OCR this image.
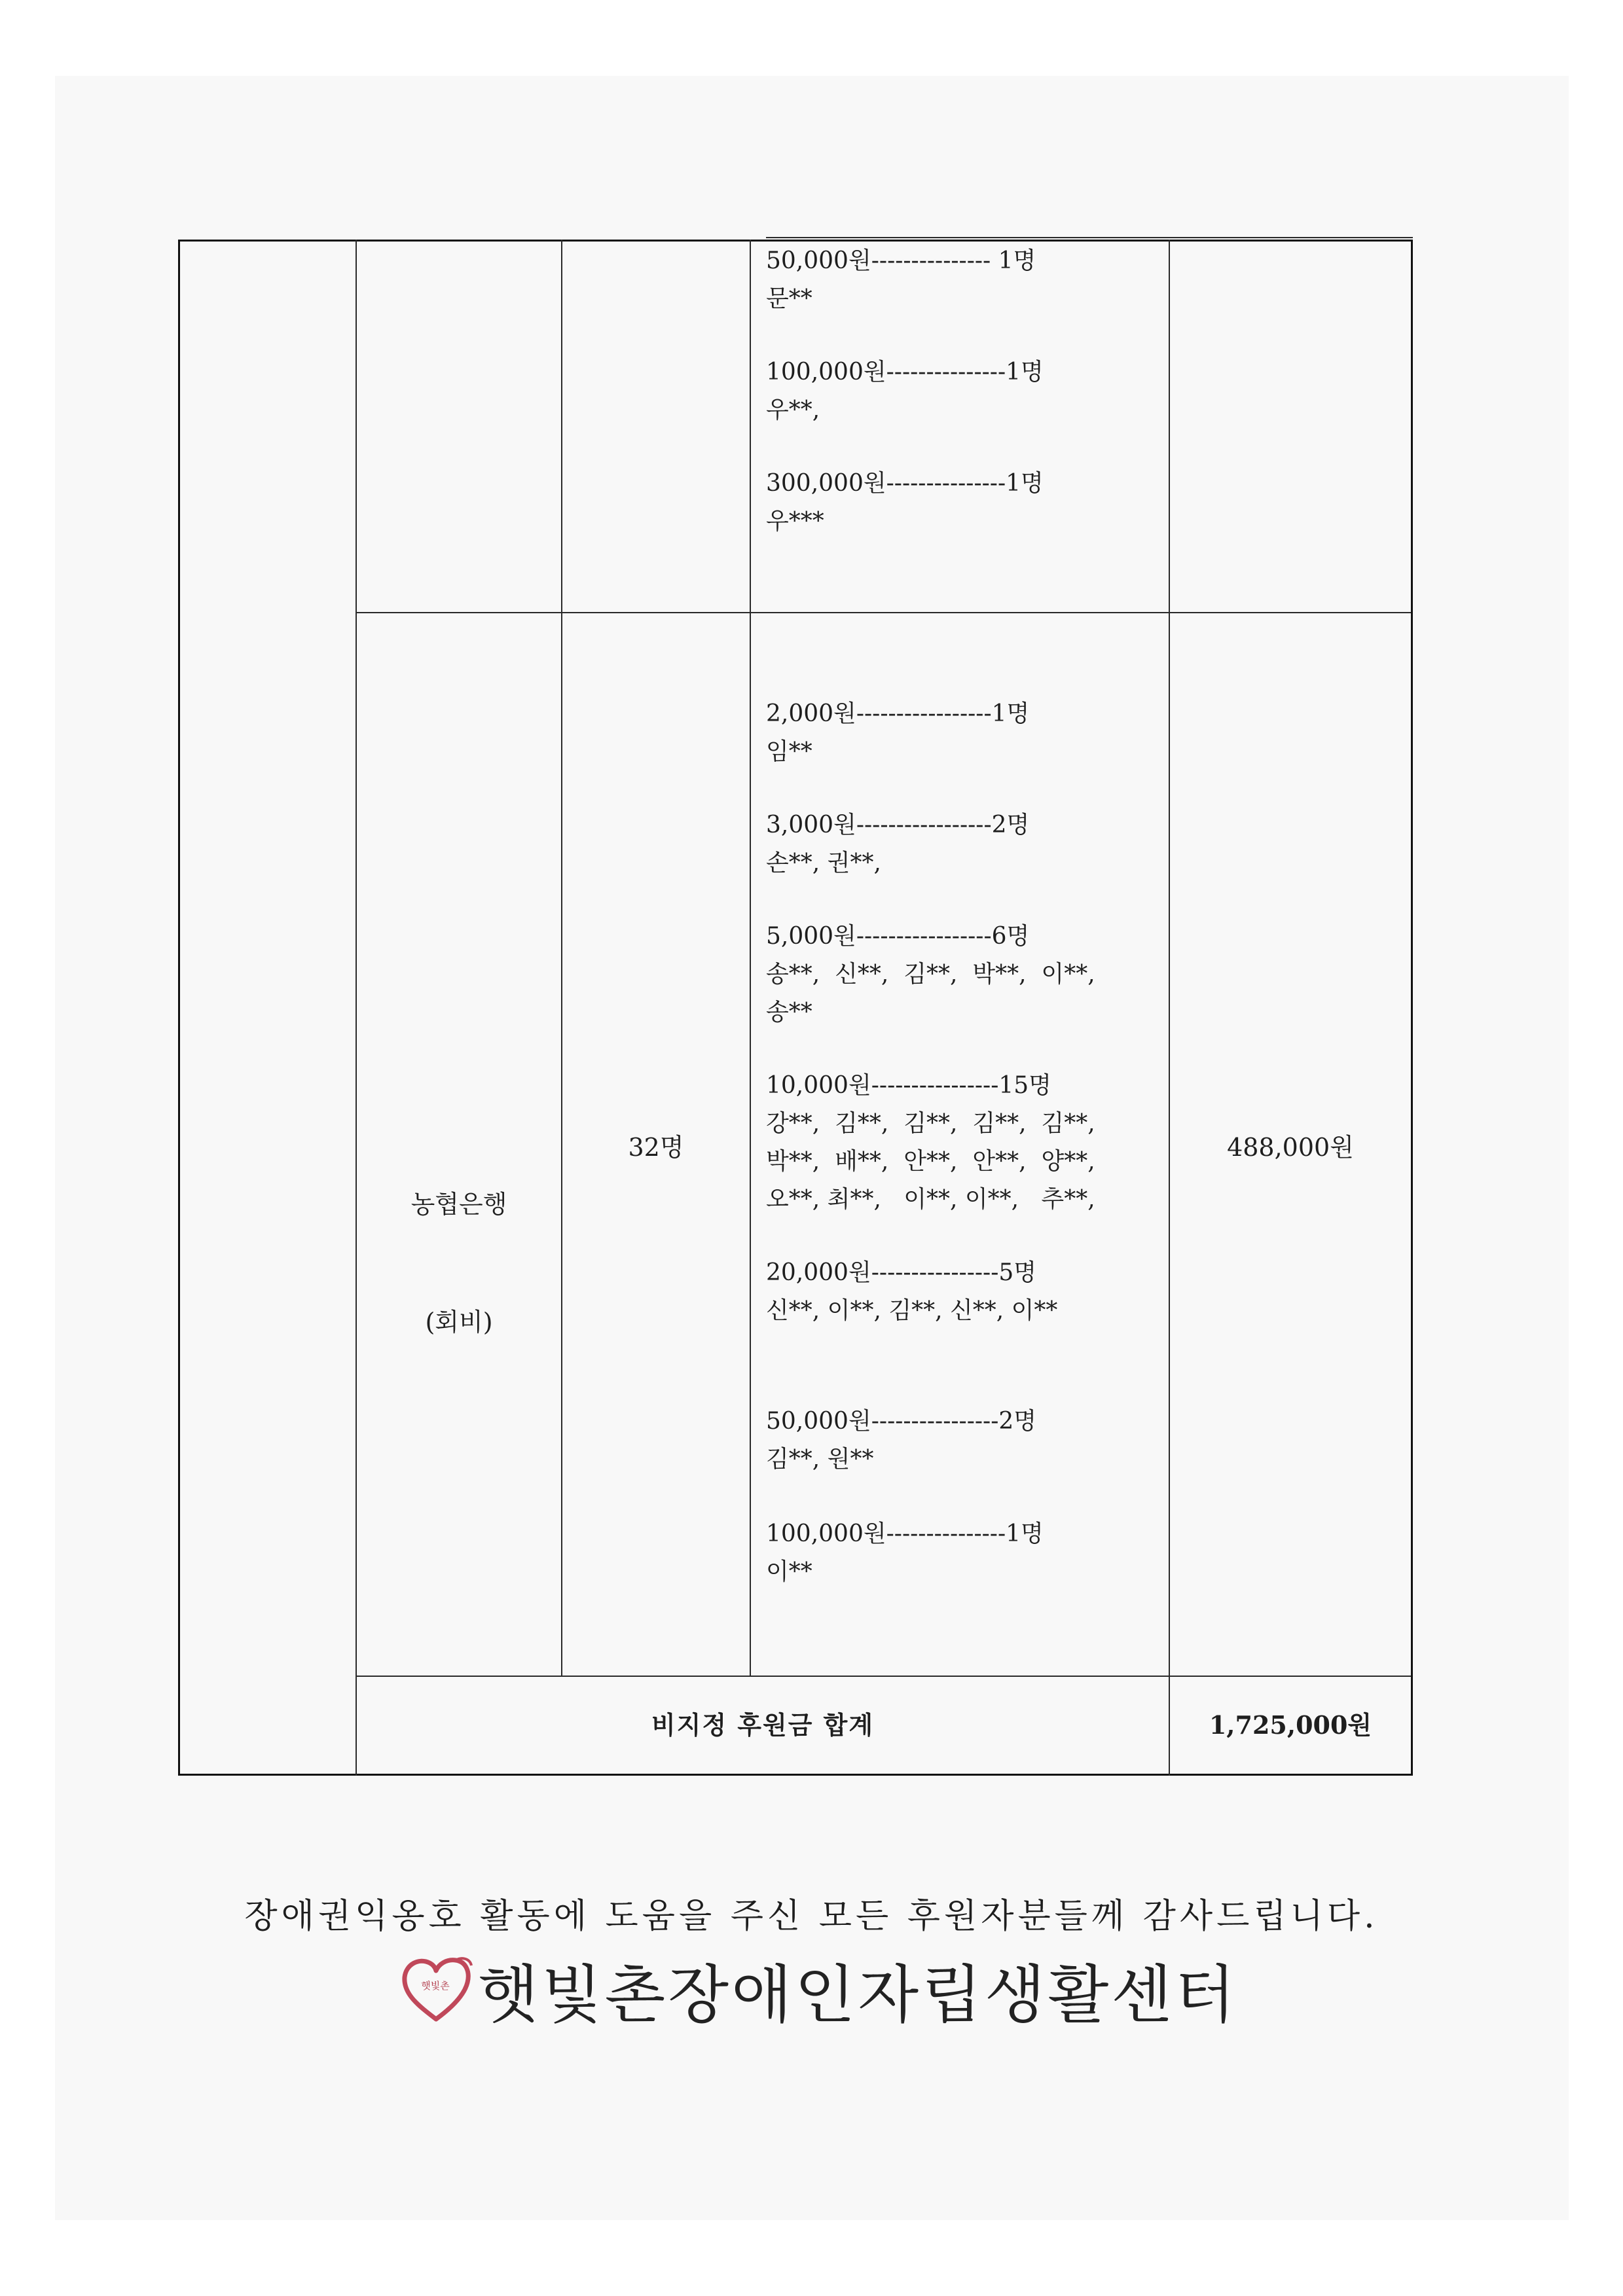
50,000원--------------- 1명
문**
100,000원---------------1명
우**,
300,000원---------------1명
우***

농협은행

(회비)

32명	488,000원
2,000원-----------------1명
임**
3,000원-----------------2명
손**, 권**,
5,000원-----------------6명
송**,  신**,  김**,  박**,  이**,
송**
10,000원----------------15명
강**,  김**,  김**,  김**,  김**,
박**,  배**,  안**,  안**,  양**,
오**, 최**,   이**, 이**,   추**,
20,000원----------------5명
신**, 이**, 김**, 신**, 이**
50,000원----------------2명
김**, 원**
100,000원---------------1명
이**
비지정 후원금 합계	1,725,000원
장애권익옹호 활동에 도움을 주신 모든 후원자분들께 감사드립니다.
햇빛촌 햇빛촌장애인자립생활센터
